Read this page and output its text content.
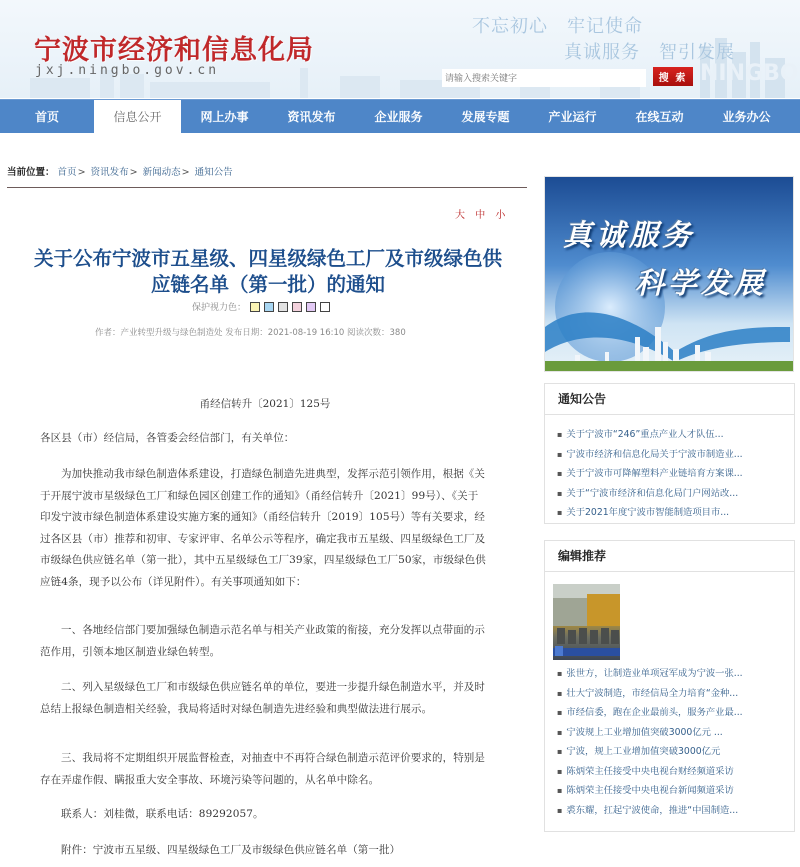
NINGBO
宁波市经济和信息化局
jxj.ningbo.gov.cn
不忘初心　牢记使命
真诚服务　智引发展
请输入搜索关键字
搜 索
首页	信息公开	网上办事	资讯发布	企业服务	发展专题	产业运行	在线互动	业务办公
当前位置： 首页> 资讯发布> 新闻动态> 通知公告
大 中 小
关于公布宁波市五星级、四星级绿色工厂及市级绿色供应链名单（第一批）的通知
保护视力色：
作者：产业转型升级与绿色制造处 发布日期：2021-08-19 16:10 阅读次数：380
甬经信转升〔2021〕125号
各区县（市）经信局，各管委会经信部门，有关单位：
为加快推动我市绿色制造体系建设，打造绿色制造先进典型，发挥示范引领作用，根据《关于开展宁波市星级绿色工厂和绿色园区创建工作的通知》（甬经信转升〔2021〕99号）、《关于印发宁波市绿色制造体系建设实施方案的通知》（甬经信转升〔2019〕105号）等有关要求，经过各区县（市）推荐和初审、专家评审、名单公示等程序，确定我市五星级、四星级绿色工厂及市级绿色供应链名单（第一批），其中五星级绿色工厂39家，四星级绿色工厂50家，市级绿色供应链4条，现予以公布（详见附件）。有关事项通知如下：
一、各地经信部门要加强绿色制造示范名单与相关产业政策的衔接，充分发挥以点带面的示范作用，引领本地区制造业绿色转型。
二、列入星级绿色工厂和市级绿色供应链名单的单位，要进一步提升绿色制造水平，并及时总结上报绿色制造相关经验，我局将适时对绿色制造先进经验和典型做法进行展示。
三、我局将不定期组织开展监督检查，对抽查中不再符合绿色制造示范评价要求的，特别是存在弄虚作假、瞒报重大安全事故、环境污染等问题的，从名单中除名。
联系人：刘桂微，联系电话：89292057。
附件：宁波市五星级、四星级绿色工厂及市级绿色供应链名单（第一批）
真诚服务
科学发展
通知公告
▪ 关于宁波市“246”重点产业人才队伍...
▪ 宁波市经济和信息化局关于宁波市制造业...
▪ 关于宁波市可降解塑料产业链培育方案课...
▪ 关于“宁波市经济和信息化局门户网站改...
▪ 关于2021年度宁波市智能制造项目市...
编辑推荐
▪ 张世方，让制造业单项冠军成为宁波一张...
▪ 壮大宁波制造，市经信局全力培育“金种...
▪ 市经信委，跑在企业最前头，服务产业最...
▪ 宁波规上工业增加值突破3000亿元 ...
▪ 宁波，规上工业增加值突破3000亿元
▪ 陈炳荣主任接受中央电视台财经频道采访
▪ 陈炳荣主任接受中央电视台新闻频道采访
▪ 裘东耀，扛起宁波使命，推进“中国制造...
